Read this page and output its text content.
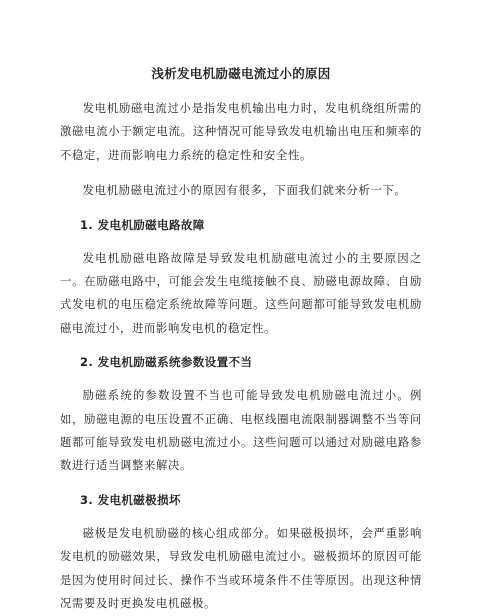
浅析发电机励磁电流过小的原因

发电机励磁电流过小是指发电机输出电力时，发电机绕组所需的激磁电流小于额定电流。这种情况可能导致发电机输出电压和频率的不稳定，进而影响电力系统的稳定性和安全性。

发电机励磁电流过小的原因有很多，下面我们就来分析一下。

1. 发电机励磁电路故障

发电机励磁电路故障是导致发电机励磁电流过小的主要原因之一。在励磁电路中，可能会发生电缆接触不良、励磁电源故障、自励式发电机的电压稳定系统故障等问题。这些问题都可能导致发电机励磁电流过小，进而影响发电机的稳定性。

2. 发电机励磁系统参数设置不当

励磁系统的参数设置不当也可能导致发电机励磁电流过小。例如，励磁电源的电压设置不正确、电枢线圈电流限制器调整不当等问题都可能导致发电机励磁电流过小。这些问题可以通过对励磁电路参数进行适当调整来解决。

3. 发电机磁极损坏

磁极是发电机励磁的核心组成部分。如果磁极损坏，会严重影响发电机的励磁效果，导致发电机励磁电流过小。磁极损坏的原因可能是因为使用时间过长、操作不当或环境条件不佳等原因。出现这种情况需要及时更换发电机磁极。
